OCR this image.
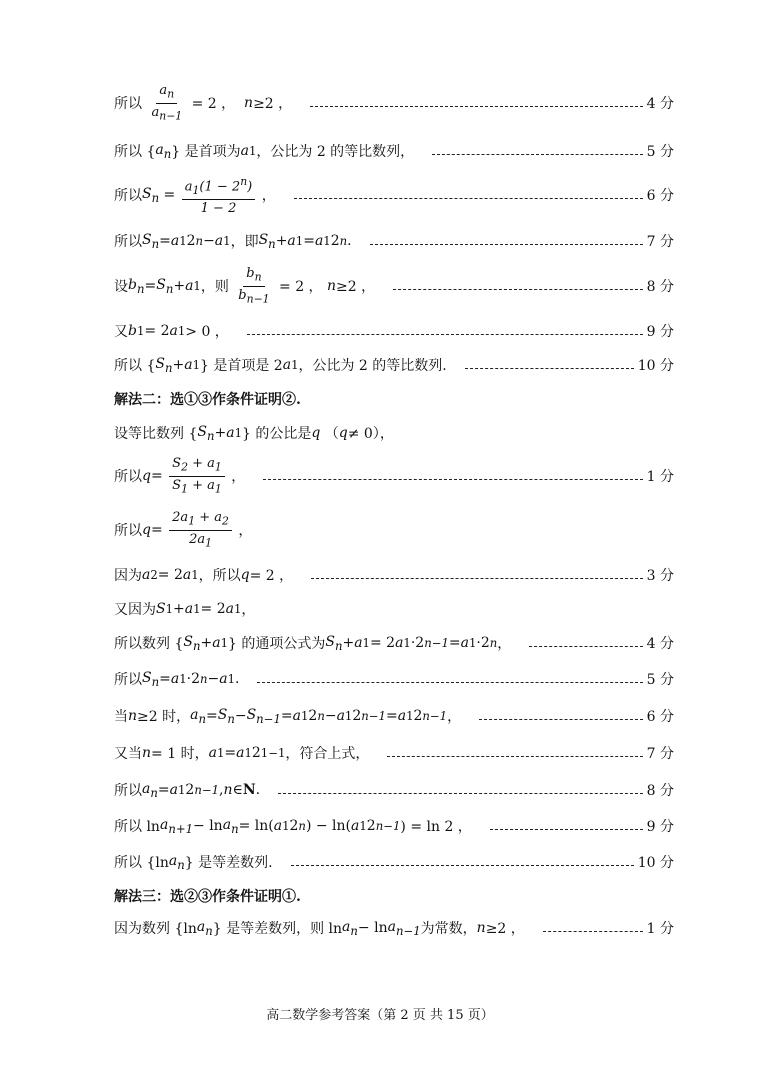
所以 $\frac{a_n}{a_{n-1}} = 2$ ， n ≥2 ，	4 分
所以 { $a_n$ } 是首项为 a 1 ，公比为 2 的等比数列，	5 分
所以 $S_n = \frac{a_1(1 - 2^n)}{1 - 2}$ ，	6 分
所以 $S_n = a$ 1 2 n − a 1 ，即 $S_n + a$ 1 = a 1 2 n .	7 分
设 $b_n = S_n + a$ 1 ，则 $\frac{b_n}{b_{n-1}} = 2$ ， n ≥2 ，	8 分
又 b 1 = 2 a 1 > 0 ，	9 分
所以 { $S_n + a$ 1 } 是首项是 2 a 1 ，公比为 2 的等比数列.	10 分
解法二：选①③作条件证明②.
设等比数列 { $S_n + a$ 1 } 的公比是 q （ q ≠ 0），
所以 $q = \frac{S_2 + a_1}{S_1 + a_1}$ ，	1 分
所以 $q = \frac{2a_1 + a_2}{2a_1}$ ，
因为 a 2 = 2 a 1 ，所以 q = 2 ，	3 分
又因为 S 1 + a 1 = 2 a 1 ，
所以数列 { $S_n + a$ 1 } 的通项公式为 $S_n + a$ 1 = 2 a 1 ·2 n−1 = a 1 ·2 n ，	4 分
所以 $S_n = a$ 1 ·2 n − a 1 .	5 分
当 n ≥2 时， $a_n = S_n - S_{n-1} = a$ 1 2 n − a 1 2 n−1 = a 1 2 n−1 ，	6 分
又当 n = 1 时， a 1 = a 1 2 1−1 ，符合上式，	7 分
所以 $a_n = a$ 1 2 n−1 , n ∈ N .	8 分
所以 $\ln a_{n+1} - \ln a_n = \ln$( a 1 2 n ) − ln( a 1 2 n−1 ) = ln 2 ，	9 分
所以 {ln $a_n$ } 是等差数列.	10 分
解法三：选②③作条件证明①.
因为数列 {ln $a_n$ } 是等差数列，则 $\ln a_n - \ln a_{n-1}$ 为常数， n ≥2 ，	1 分
高二数学参考答案（第 2 页 共 15 页）
